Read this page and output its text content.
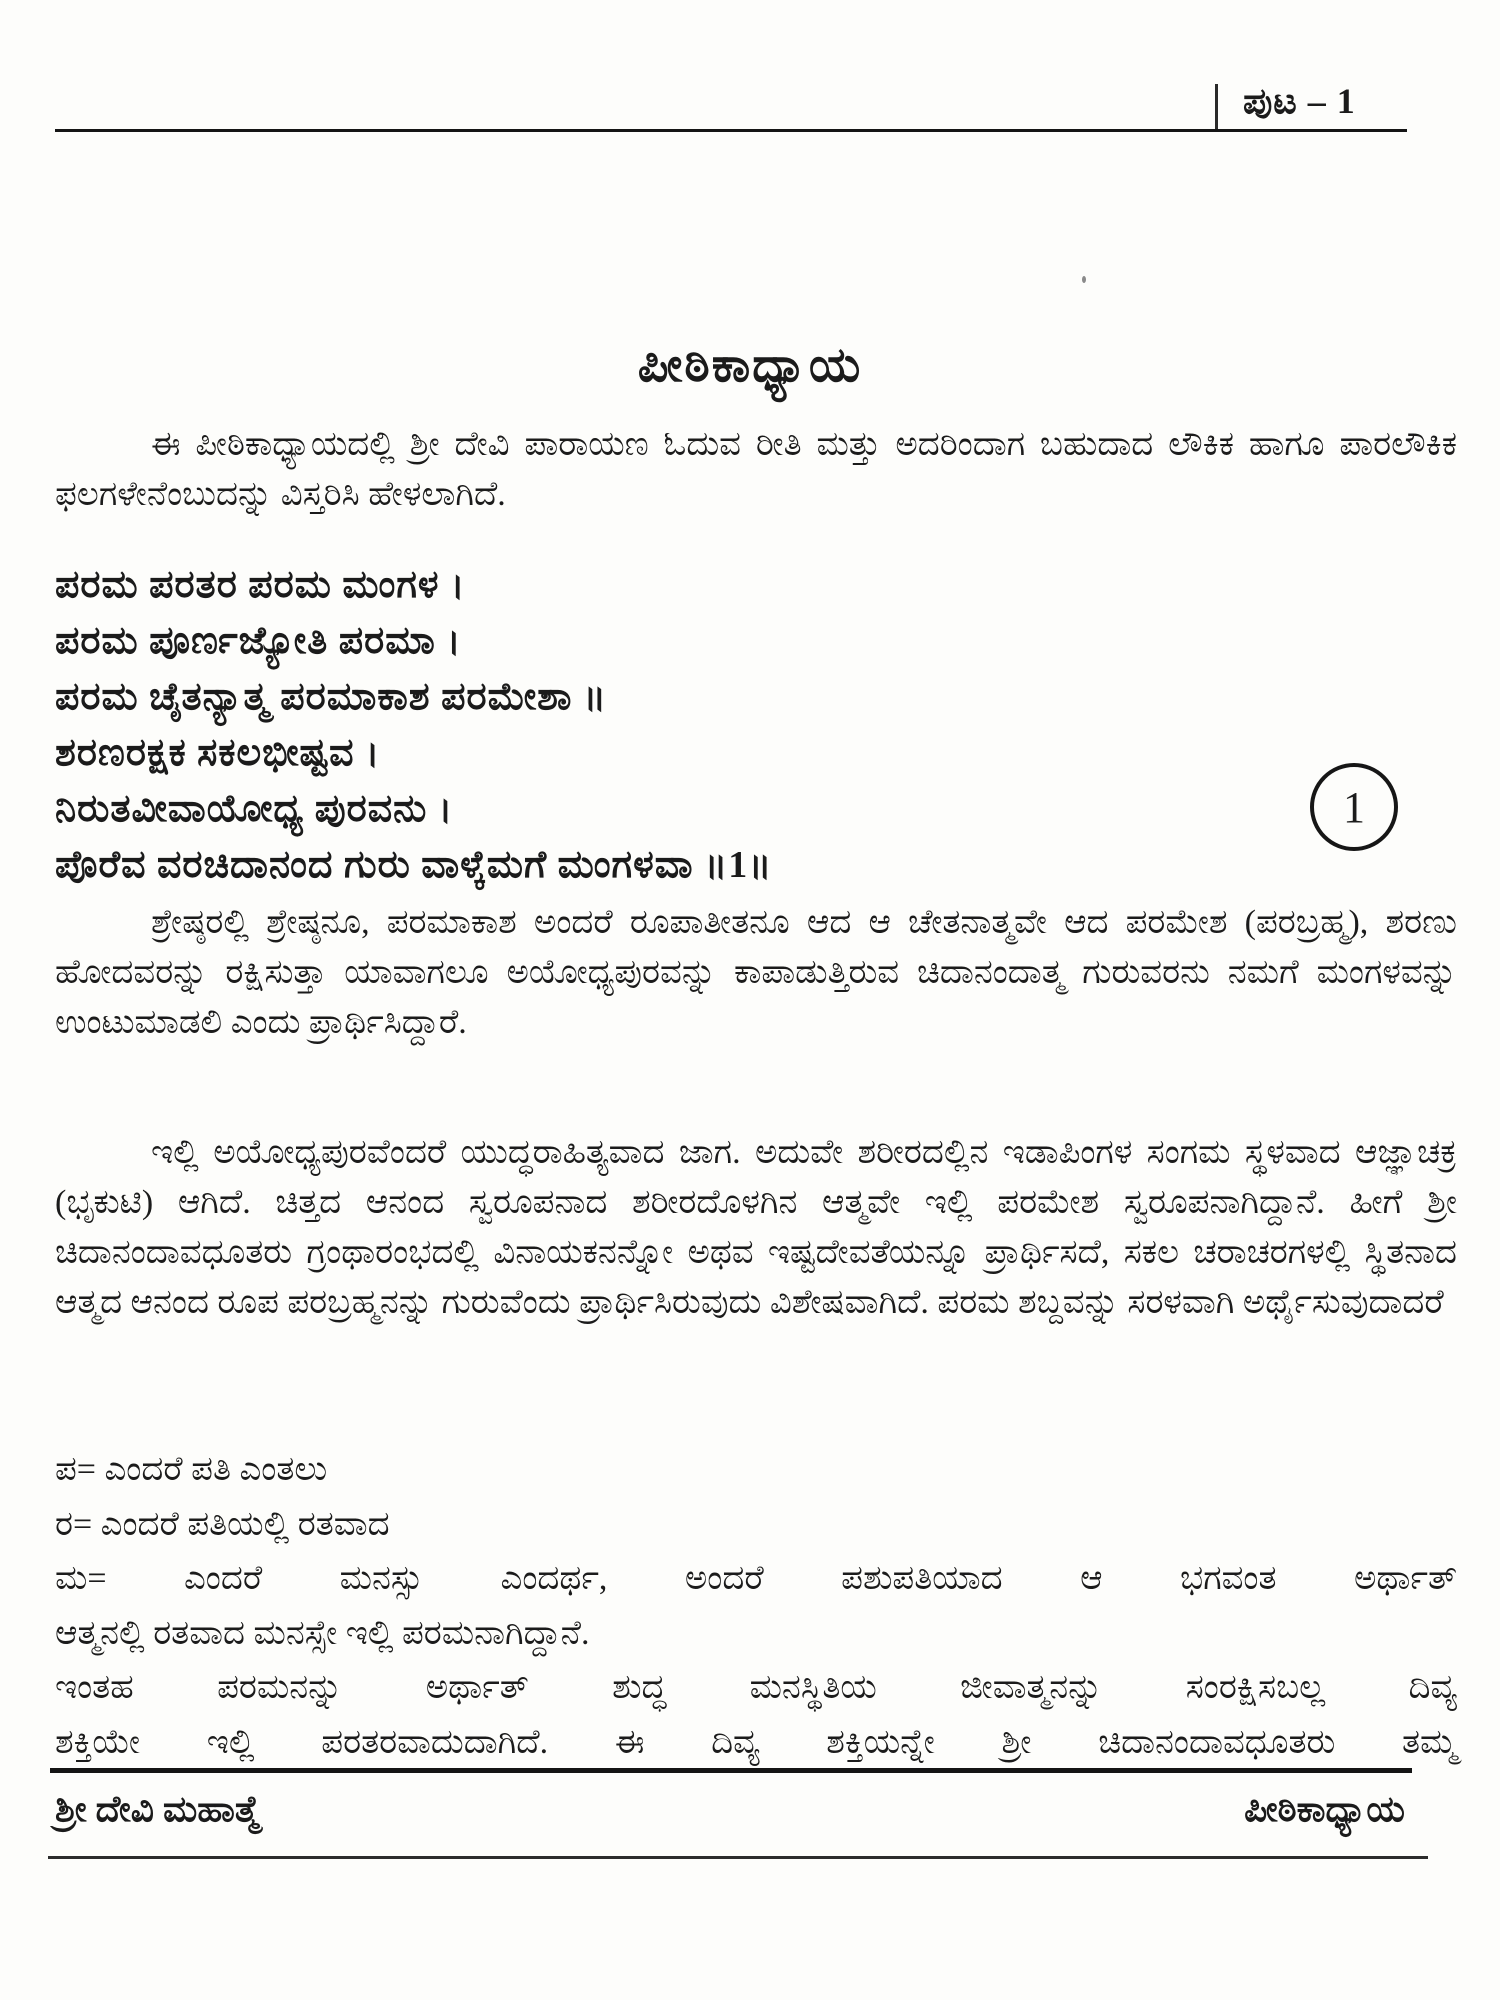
ಪುಟ – 1
ಪೀಠಿಕಾಧ್ಯಾಯ
ಈ ಪೀಠಿಕಾಧ್ಯಾಯದಲ್ಲಿ ಶ್ರೀ ದೇವಿ ಪಾರಾಯಣ ಓದುವ ರೀತಿ ಮತ್ತು ಅದರಿಂದಾಗ ಬಹುದಾದ ಲೌಕಿಕ ಹಾಗೂ ಪಾರಲೌಕಿಕ ಫಲಗಳೇನೆಂಬುದನ್ನು ವಿಸ್ತರಿಸಿ ಹೇಳಲಾಗಿದೆ.
ಪರಮ ಪರತರ ಪರಮ ಮಂಗಳ ।
ಪರಮ ಪೂರ್ಣಜ್ಯೋತಿ ಪರಮಾ ।
ಪರಮ ಚೈತನ್ಯಾತ್ಮ ಪರಮಾಕಾಶ ಪರಮೇಶಾ ॥
ಶರಣರಕ್ಷಕ ಸಕಲಭೀಷ್ಟವ ।
ನಿರುತವೀವಾಯೋಧ್ಯ ಪುರವನು ।
ಪೊರೆವ ವರಚಿದಾನಂದ ಗುರು ವಾಳ್ಕೆಮಗೆ ಮಂಗಳವಾ ॥1॥
1
ಶ್ರೇಷ್ಠರಲ್ಲಿ ಶ್ರೇಷ್ಠನೂ, ಪರಮಾಕಾಶ ಅಂದರೆ ರೂಪಾತೀತನೂ ಆದ ಆ ಚೇತನಾತ್ಮವೇ ಆದ ಪರಮೇಶ (ಪರಬ್ರಹ್ಮ), ಶರಣು ಹೋದವರನ್ನು ರಕ್ಷಿಸುತ್ತಾ ಯಾವಾಗಲೂ ಅಯೋಧ್ಯಪುರವನ್ನು ಕಾಪಾಡುತ್ತಿರುವ ಚಿದಾನಂದಾತ್ಮ ಗುರುವರನು ನಮಗೆ ಮಂಗಳವನ್ನು ಉಂಟುಮಾಡಲಿ ಎಂದು ಪ್ರಾರ್ಥಿಸಿದ್ದಾರೆ.
ಇಲ್ಲಿ ಅಯೋಧ್ಯಪುರವೆಂದರೆ ಯುದ್ಧರಾಹಿತ್ಯವಾದ ಜಾಗ. ಅದುವೇ ಶರೀರದಲ್ಲಿನ ಇಡಾಪಿಂಗಳ ಸಂಗಮ ಸ್ಥಳವಾದ ಆಜ್ಞಾಚಕ್ರ (ಭೃಕುಟಿ) ಆಗಿದೆ. ಚಿತ್ತದ ಆನಂದ ಸ್ವರೂಪನಾದ ಶರೀರದೊಳಗಿನ ಆತ್ಮವೇ ಇಲ್ಲಿ ಪರಮೇಶ ಸ್ವರೂಪನಾಗಿದ್ದಾನೆ. ಹೀಗೆ ಶ್ರೀ ಚಿದಾನಂದಾವಧೂತರು ಗ್ರಂಥಾರಂಭದಲ್ಲಿ ವಿನಾಯಕನನ್ನೋ ಅಥವ ಇಷ್ಟದೇವತೆಯನ್ನೂ ಪ್ರಾರ್ಥಿಸದೆ, ಸಕಲ ಚರಾಚರಗಳಲ್ಲಿ ಸ್ಥಿತನಾದ ಆತ್ಮದ ಆನಂದ ರೂಪ ಪರಬ್ರಹ್ಮನನ್ನು ಗುರುವೆಂದು ಪ್ರಾರ್ಥಿಸಿರುವುದು ವಿಶೇಷವಾಗಿದೆ. ಪರಮ ಶಬ್ದವನ್ನು ಸರಳವಾಗಿ ಅರ್ಥೈಸುವುದಾದರೆ
ಪ= ಎಂದರೆ ಪತಿ ಎಂತಲು
ರ= ಎಂದರೆ ಪತಿಯಲ್ಲಿ ರತವಾದ
ಮ= ಎಂದರೆ ಮನಸ್ಸು ಎಂದರ್ಥ, ಅಂದರೆ ಪಶುಪತಿಯಾದ ಆ ಭಗವಂತ ಅರ್ಥಾತ್
ಆತ್ಮನಲ್ಲಿ ರತವಾದ ಮನಸ್ಸೇ ಇಲ್ಲಿ ಪರಮನಾಗಿದ್ದಾನೆ.
ಇಂತಹ ಪರಮನನ್ನು ಅರ್ಥಾತ್ ಶುದ್ಧ ಮನಸ್ಥಿತಿಯ ಜೀವಾತ್ಮನನ್ನು ಸಂರಕ್ಷಿಸಬಲ್ಲ ದಿವ್ಯ
ಶಕ್ತಿಯೇ ಇಲ್ಲಿ ಪರತರವಾದುದಾಗಿದೆ. ಈ ದಿವ್ಯ ಶಕ್ತಿಯನ್ನೇ ಶ್ರೀ ಚಿದಾನಂದಾವಧೂತರು ತಮ್ಮ
ಶ್ರೀ ದೇವಿ ಮಹಾತ್ಮೆ	ಪೀಠಿಕಾಧ್ಯಾಯ
